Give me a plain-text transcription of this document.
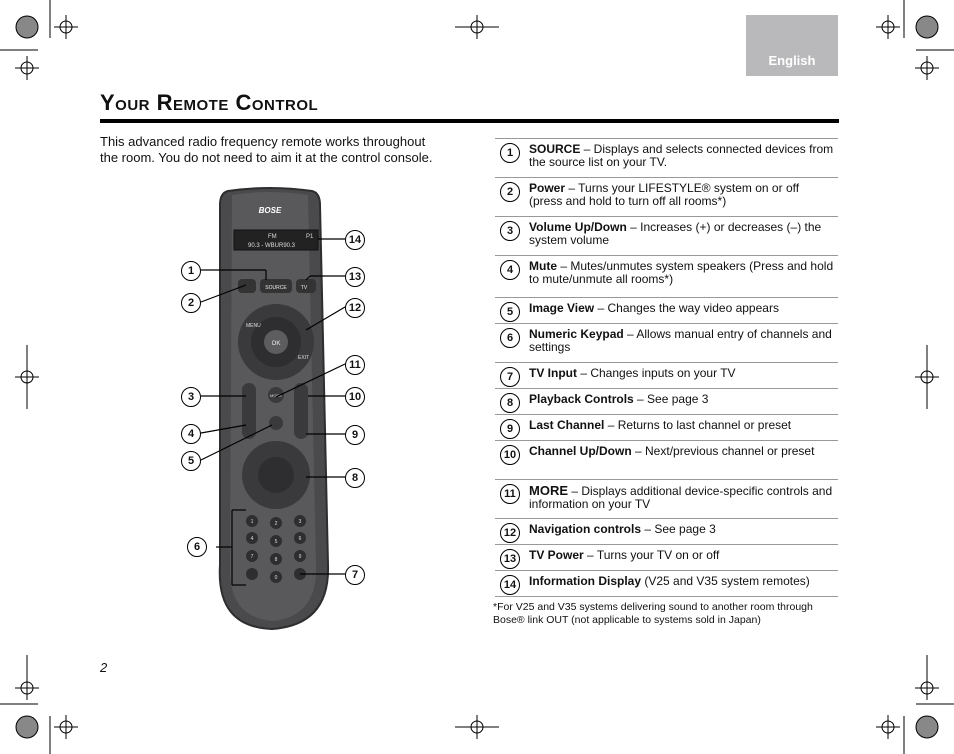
English
Your Remote Control
This advanced radio frequency remote works throughout the room. You do not need to aim it at the control console.
BOSE
FM	P1
90.3 - WBUR90.3
SOURCE	TV
OK
MENU
EXIT
MORE
1	2	3
4	5	6
7	8	9
0
1
2
3
4
5
6
7
8
9
10
11
12
13
14
1	SOURCE – Displays and selects connected devices from the source list on your TV.
2	Power – Turns your LIFESTYLE® system on or off (press and hold to turn off all rooms*)
3	Volume Up/Down – Increases (+) or decreases (–) the system volume
4	Mute – Mutes/unmutes system speakers (Press and hold to mute/unmute all rooms*)
5	Image View – Changes the way video appears
6	Numeric Keypad – Allows manual entry of channels and settings
7	TV Input – Changes inputs on your TV
8	Playback Controls – See page 3
9	Last Channel – Returns to last channel or preset
10	Channel Up/Down – Next/previous channel or preset
11	MORE – Displays additional device-specific controls and information on your TV
12	Navigation controls – See page 3
13	TV Power – Turns your TV on or off
14	Information Display (V25 and V35 system remotes)
*For V25 and V35 systems delivering sound to another room through Bose® link OUT (not applicable to systems sold in Japan)
2
